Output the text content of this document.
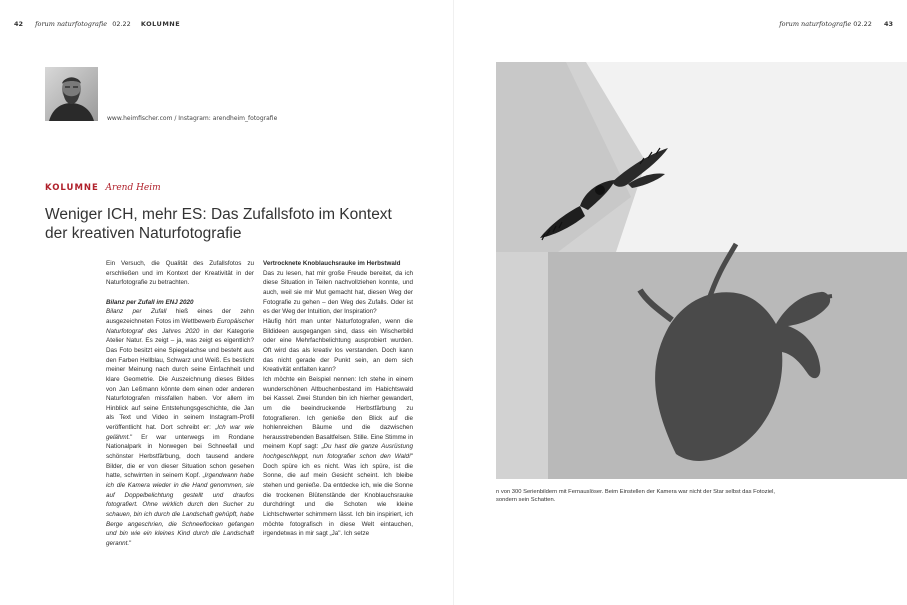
42 forum naturfotografie 02.22 KOLUMNE	forum naturfotografie 02.22 43
www.heimfischer.com / Instagram: arendheim_fotografie
KOLUMNE Arend Heim
Weniger ICH, mehr ES: Das Zufallsfoto im Kontext der kreativen Naturfotografie

Ein Versuch, die Qualität des Zufallsfotos zu erschließen und im Kontext der Kreativität in der Naturfotografie zu betrachten.

Bilanz per Zufall im ENJ 2020

Bilanz per Zufall hieß eines der zehn ausgezeichneten Fotos im Wettbewerb Europäischer Naturfotograf des Jahres 2020 in der Kategorie Atelier Natur. Es zeigt – ja, was zeigt es eigentlich? Das Foto besitzt eine Spiegelachse und besteht aus den Farben Hellblau, Schwarz und Weiß. Es besticht meiner Meinung nach durch seine Einfachheit und klare Geometrie. Die Auszeichnung dieses Bildes von Jan Leßmann könnte dem einen oder anderen Naturfotografen missfallen haben. Vor allem im Hinblick auf seine Entstehungsgeschichte, die Jan als Text und Video in seinem Instagram-Profil veröffentlicht hat. Dort schreibt er: „Ich war wie gelähmt." Er war unterwegs im Rondane Nationalpark in Norwegen bei Schneefall und schönster Herbstfärbung, doch tausend andere Bilder, die er von dieser Situation schon gesehen hatte, schwirrten in seinem Kopf. „Irgendwann habe ich die Kamera wieder in die Hand genommen, sie auf Doppelbelichtung gestellt und draufos fotografiert. Ohne wirklich durch den Sucher zu schauen, bin ich durch die Landschaft gehüpft, habe Berge angeschrien, die Schneeflocken gefangen und bin wie ein kleines Kind durch die Landschaft gerannt."

Vertrocknete Knoblauchsrauke im Herbstwald

Das zu lesen, hat mir große Freude bereitet, da ich diese Situation in Teilen nachvollziehen konnte, und auch, weil sie mir Mut gemacht hat, diesen Weg der Fotografie zu gehen – den Weg des Zufalls. Oder ist es der Weg der Intuition, der Inspiration?

Häufig hört man unter Naturfotografen, wenn die Bildideen ausgegangen sind, dass ein Wischerbild oder eine Mehrfachbelichtung ausprobiert wurden. Oft wird das als kreativ los verstanden. Doch kann das nicht gerade der Punkt sein, an dem sich Kreativität entfalten kann?

Ich möchte ein Beispiel nennen: Ich stehe in einem wunderschönen Altbuchenbestand im Habichtswald bei Kassel. Zwei Stunden bin ich hierher gewandert, um die beeindruckende Herbstfärbung zu fotografieren. Ich genieße den Blick auf die hohlenreichen Bäume und die dazwischen herausstrebenden Basaltfelsen. Stille. Eine Stimme in meinem Kopf sagt: „Du hast die ganze Ausrüstung hochgeschleppt, nun fotografier schon den Wald!" Doch spüre ich es nicht. Was ich spüre, ist die Sonne, die auf mein Gesicht scheint. Ich bleibe stehen und genieße. Da entdecke ich, wie die Sonne die trockenen Blütenstände der Knoblauchsrauke durchdringt und die Schoten wie kleine Lichtschwerter schimmern lässt. Ich bin inspiriert, ich möchte fotografisch in diese Welt eintauchen, irgendetwas in mir sagt „Ja". Ich setze

n von 300 Serienbildern mit Fernauslöser. Beim Einstellen der Kamera war nicht der Star selbst das Fotoziel, sondern sein Schatten.
